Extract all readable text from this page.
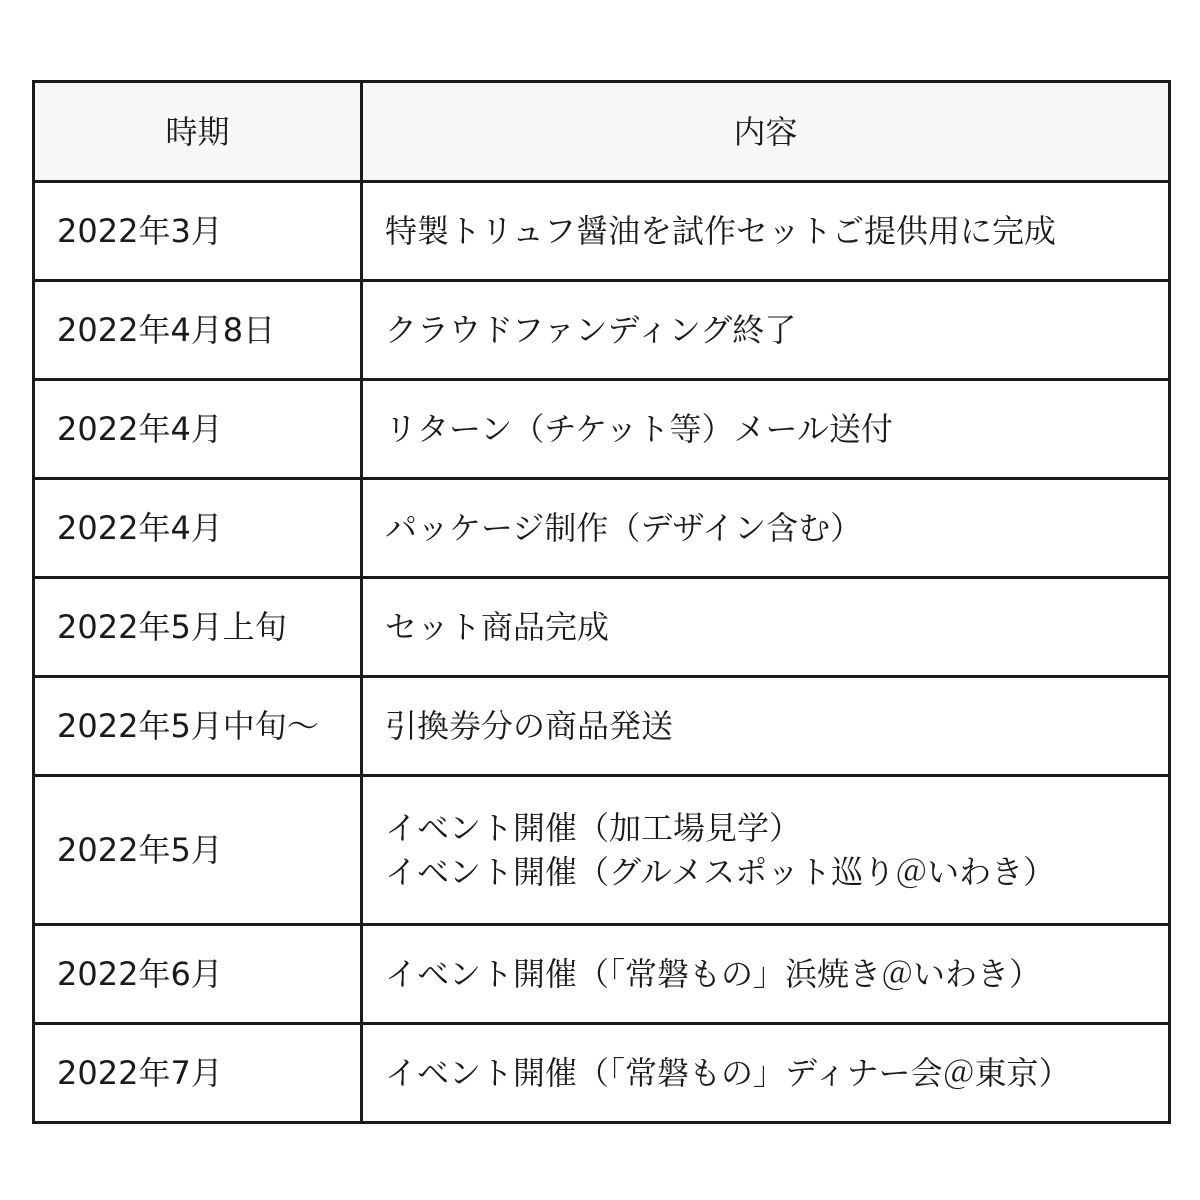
時期	内容
2022年3月	特製トリュフ醤油を試作セットご提供用に完成

2022年4月8日	クラウドファンディング終了

2022年4月	リターン（チケット等）メール送付

2022年4月	パッケージ制作（デザイン含む）

2022年5月上旬	セット商品完成

2022年5月中旬～	引換券分の商品発送

2022年5月	イベント開催（加工場見学）
イベント開催（グルメスポット巡り＠いわき）

2022年6月	イベント開催（「常磐もの」浜焼き＠いわき）

2022年7月	イベント開催（「常磐もの」ディナー会＠東京）
